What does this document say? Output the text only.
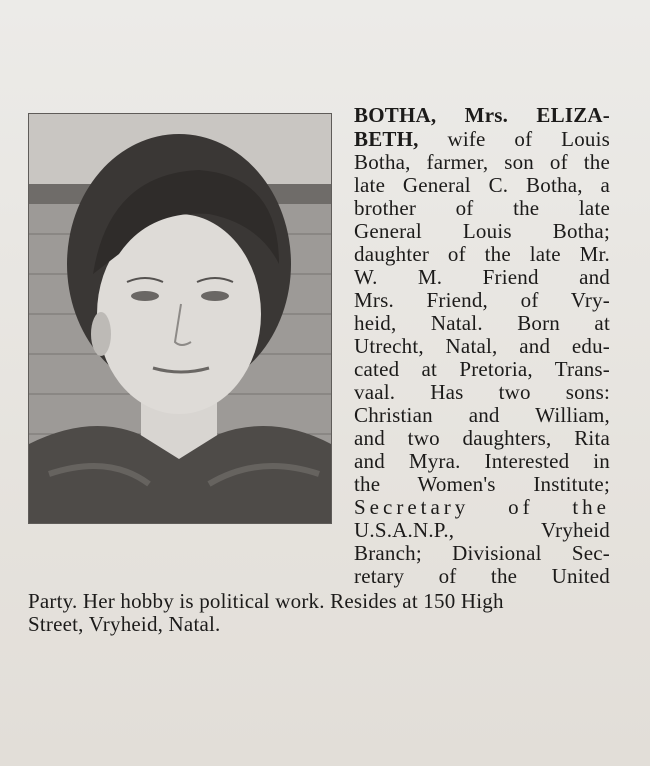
BOTHA, Mrs. ELIZA-
BETH, wife of Louis
Botha, farmer, son of the
late General C. Botha, a
brother of the late
General Louis Botha;
daughter of the late Mr.
W. M. Friend and
Mrs. Friend, of Vry-
heid, Natal. Born at
Utrecht, Natal, and edu-
cated at Pretoria, Trans-
vaal. Has two sons:
Christian and William,
and two daughters, Rita
and Myra. Interested in
the Women's Institute;
Secretary of the
U.S.A.N.P., Vryheid
Branch; Divisional Sec-
retary of the United
Party. Her hobby is political work. Resides at 150 High
Street, Vryheid, Natal.
